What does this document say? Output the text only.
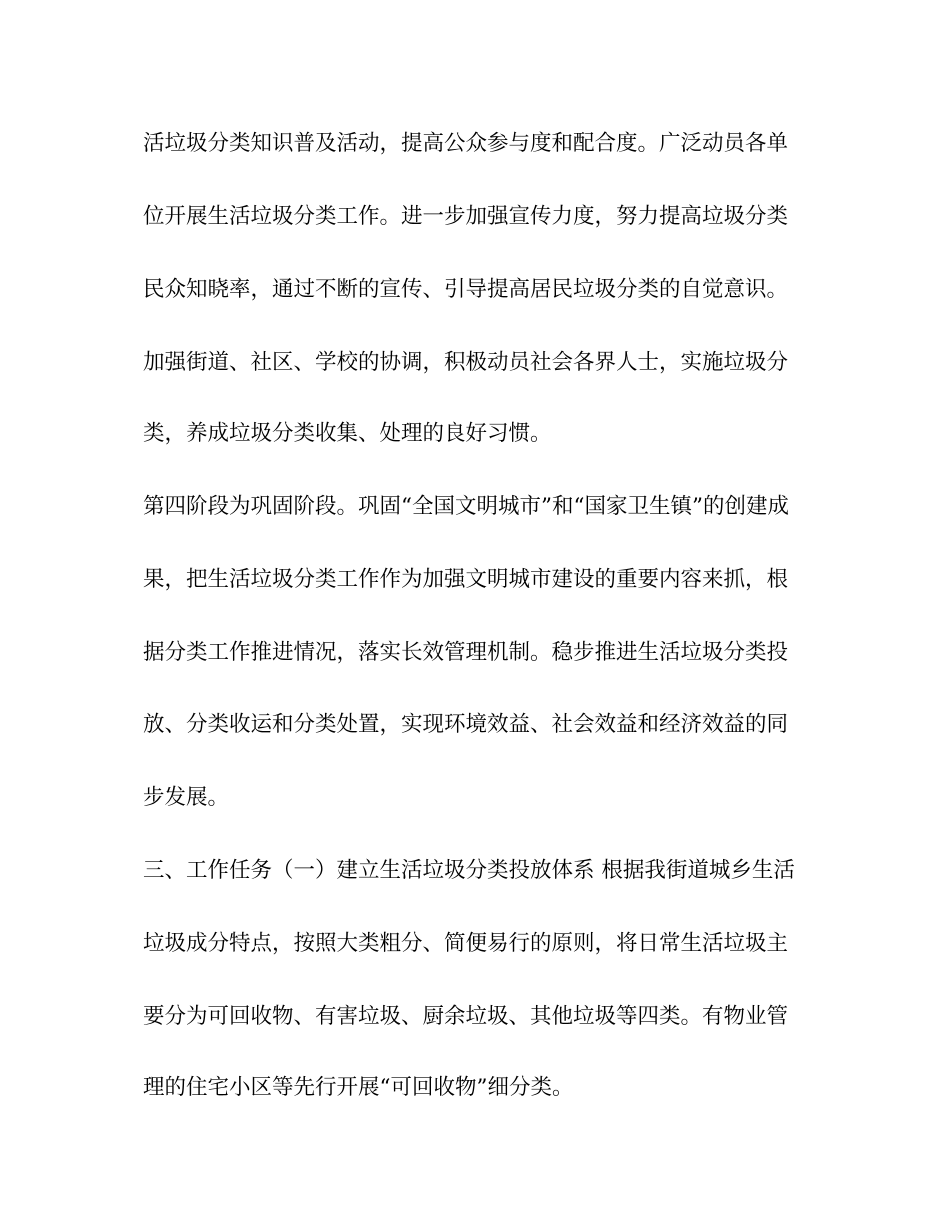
活垃圾分类知识普及活动，提高公众参与度和配合度。广泛动员各单
位开展生活垃圾分类工作。进一步加强宣传力度，努力提高垃圾分类
民众知晓率，通过不断的宣传、引导提高居民垃圾分类的自觉意识。
加强街道、社区、学校的协调，积极动员社会各界人士，实施垃圾分
类，养成垃圾分类收集、处理的良好习惯。
第四阶段为巩固阶段。巩固“全国文明城市”和“国家卫生镇”的创建成
果，把生活垃圾分类工作作为加强文明城市建设的重要内容来抓，根
据分类工作推进情况，落实长效管理机制。稳步推进生活垃圾分类投
放、分类收运和分类处置，实现环境效益、社会效益和经济效益的同
步发展。
三、工作任务（一）建立生活垃圾分类投放体系 根据我街道城乡生活
垃圾成分特点，按照大类粗分、简便易行的原则，将日常生活垃圾主
要分为可回收物、有害垃圾、厨余垃圾、其他垃圾等四类。有物业管
理的住宅小区等先行开展“可回收物”细分类。
